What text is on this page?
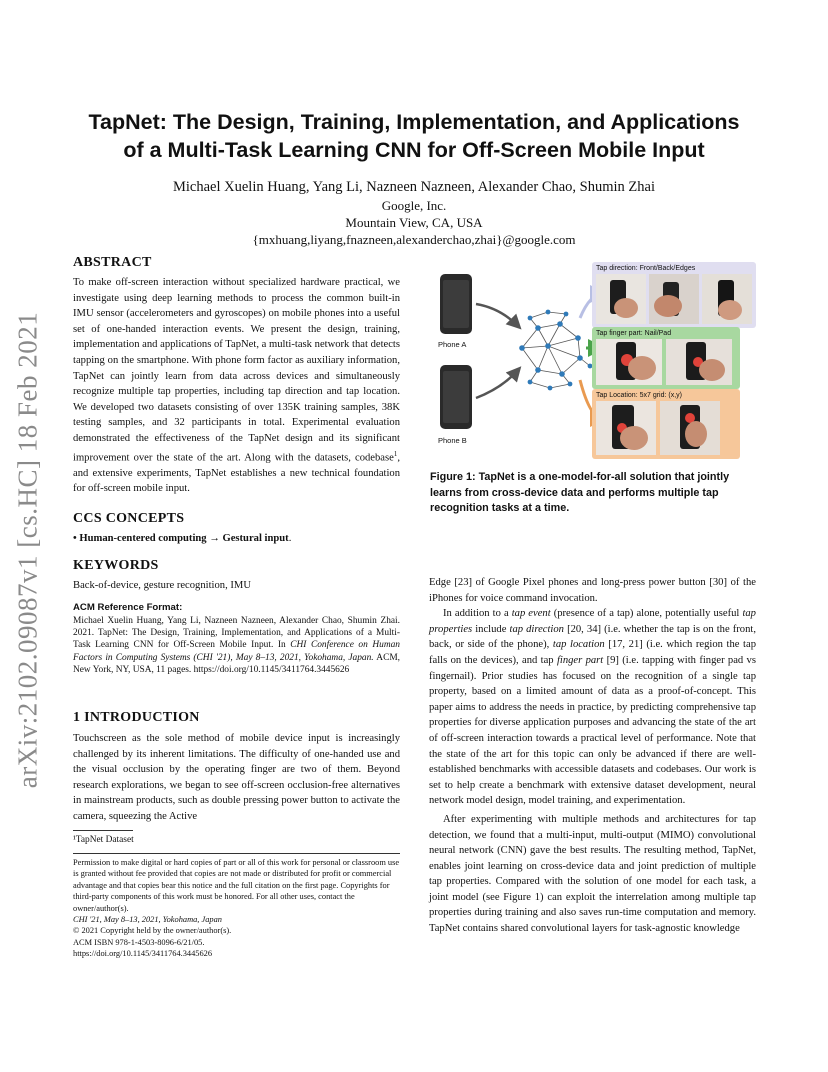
arXiv:2102.09087v1 [cs.HC] 18 Feb 2021
TapNet: The Design, Training, Implementation, and Applications
of a Multi-Task Learning CNN for Off-Screen Mobile Input
Michael Xuelin Huang, Yang Li, Nazneen Nazneen, Alexander Chao, Shumin Zhai
Google, Inc.
Mountain View, CA, USA
{mxhuang,liyang,fnazneen,alexanderchao,zhai}@google.com
ABSTRACT
To make off-screen interaction without specialized hardware practical, we investigate using deep learning methods to process the common built-in IMU sensor (accelerometers and gyroscopes) on mobile phones into a useful set of one-handed interaction events. We present the design, training, implementation and applications of TapNet, a multi-task network that detects tapping on the smartphone. With phone form factor as auxiliary information, TapNet can jointly learn from data across devices and simultaneously recognize multiple tap properties, including tap direction and tap location. We developed two datasets consisting of over 135K training samples, 38K testing samples, and 32 participants in total. Experimental evaluation demonstrated the effectiveness of the TapNet design and its significant improvement over the state of the art. Along with the datasets, codebase$^1$, and extensive experiments, TapNet establishes a new technical foundation for off-screen mobile input.
CCS CONCEPTS
• Human-centered computing → Gestural input.
KEYWORDS
Back-of-device, gesture recognition, IMU
ACM Reference Format:
Michael Xuelin Huang, Yang Li, Nazneen Nazneen, Alexander Chao, Shumin Zhai. 2021. TapNet: The Design, Training, Implementation, and Applications of a Multi-Task Learning CNN for Off-Screen Mobile Input. In CHI Conference on Human Factors in Computing Systems (CHI '21), May 8–13, 2021, Yokohama, Japan. ACM, New York, NY, USA, 11 pages. https://doi.org/10.1145/3411764.3445626
1 INTRODUCTION
Touchscreen as the sole method of mobile device input is increasingly challenged by its inherent limitations. The difficulty of one-handed use and the visual occlusion by the operating finger are two of them. Beyond research explorations, we began to see off-screen occlusion-free alternatives in mainstream products, such as double pressing power button to activate the camera, squeezing the Active
¹TapNet Dataset
Permission to make digital or hard copies of part or all of this work for personal or classroom use is granted without fee provided that copies are not made or distributed for profit or commercial advantage and that copies bear this notice and the full citation on the first page. Copyrights for third-party components of this work must be honored. For all other uses, contact the owner/author(s).
CHI '21, May 8–13, 2021, Yokohama, Japan
© 2021 Copyright held by the owner/author(s).
ACM ISBN 978-1-4503-8096-6/21/05.
https://doi.org/10.1145/3411764.3445626
Phone A
Phone B
Tap direction: Front/Back/Edges
Tap finger part: Nail/Pad
Tap Location: 5x7 grid: (x,y)
Figure 1: TapNet is a one-model-for-all solution that jointly learns from cross-device data and performs multiple tap recognition tasks at a time.

Edge [23] of Google Pixel phones and long-press power button [30] of the iPhones for voice command invocation.

In addition to a tap event (presence of a tap) alone, potentially useful tap properties include tap direction [20, 34] (i.e. whether the tap is on the front, back, or side of the phone), tap location [17, 21] (i.e. which region the tap falls on the devices), and tap finger part [9] (i.e. tapping with finger pad vs fingernail). Prior studies has focused on the recognition of a single tap property, based on a limited amount of data as a proof-of-concept. This paper aims to address the needs in practice, by predicting comprehensive tap properties for diverse application purposes and advancing the state of the art of off-screen interaction towards a practical level of performance. Note that the state of the art for this topic can only be advanced if there are well-established benchmarks with accessible datasets and codebases. Our work is set to help create a benchmark with extensive dataset development, neural network model design, model training, and experimentation.

After experimenting with multiple methods and architectures for tap detection, we found that a multi-input, multi-output (MIMO) convolutional neural network (CNN) gave the best results. The resulting method, TapNet, enables joint learning on cross-device data and joint prediction of multiple tap properties. Compared with the solution of one model for each task, a joint model (see Figure 1) can exploit the interrelation among multiple tap properties during training and also saves run-time computation and memory. TapNet contains shared convolutional layers for task-agnostic knowledge
